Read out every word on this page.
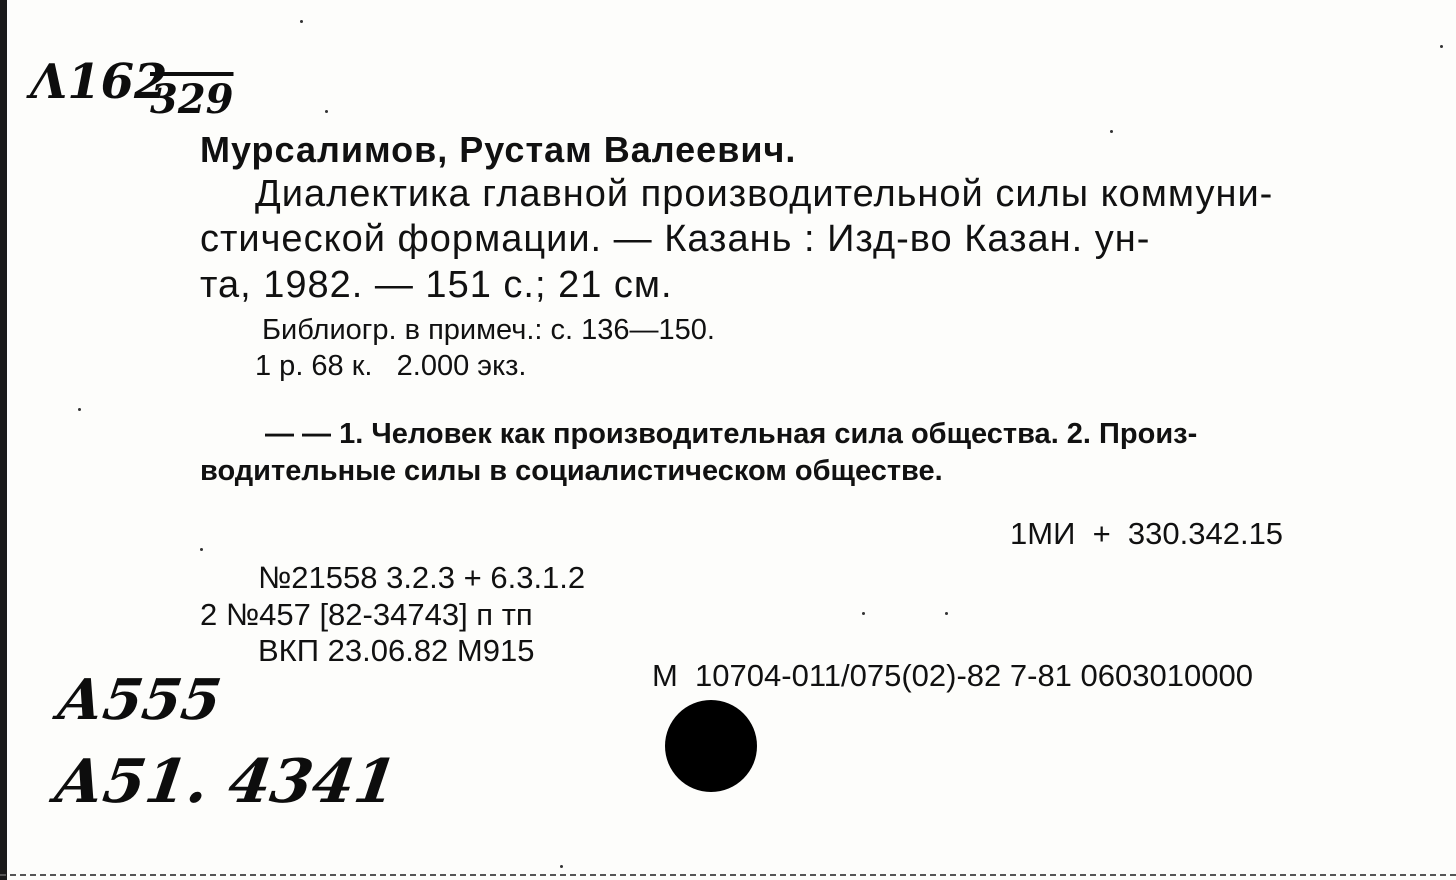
Λ162
329
Мурсалимов, Рустам Валеевич.
Диалектика главной производительной силы коммуни-
стической формации. — Казань : Изд-во Казан. ун-
та, 1982. — 151 с.; 21 см.
Библиогр. в примеч.: с. 136—150.
1 р. 68 к.   2.000 экз.
— — 1. Человек как производительная сила общества. 2. Произ-
водительные силы в социалистическом обществе.
1МИ  +  330.342.15
№21558 3.2.3 + 6.3.1.2
2 №457 [82-34743] п тп
ВКП 23.06.82 М915
М  10704-011/075(02)-82 7-81 0603010000
А555
А51. 4341
